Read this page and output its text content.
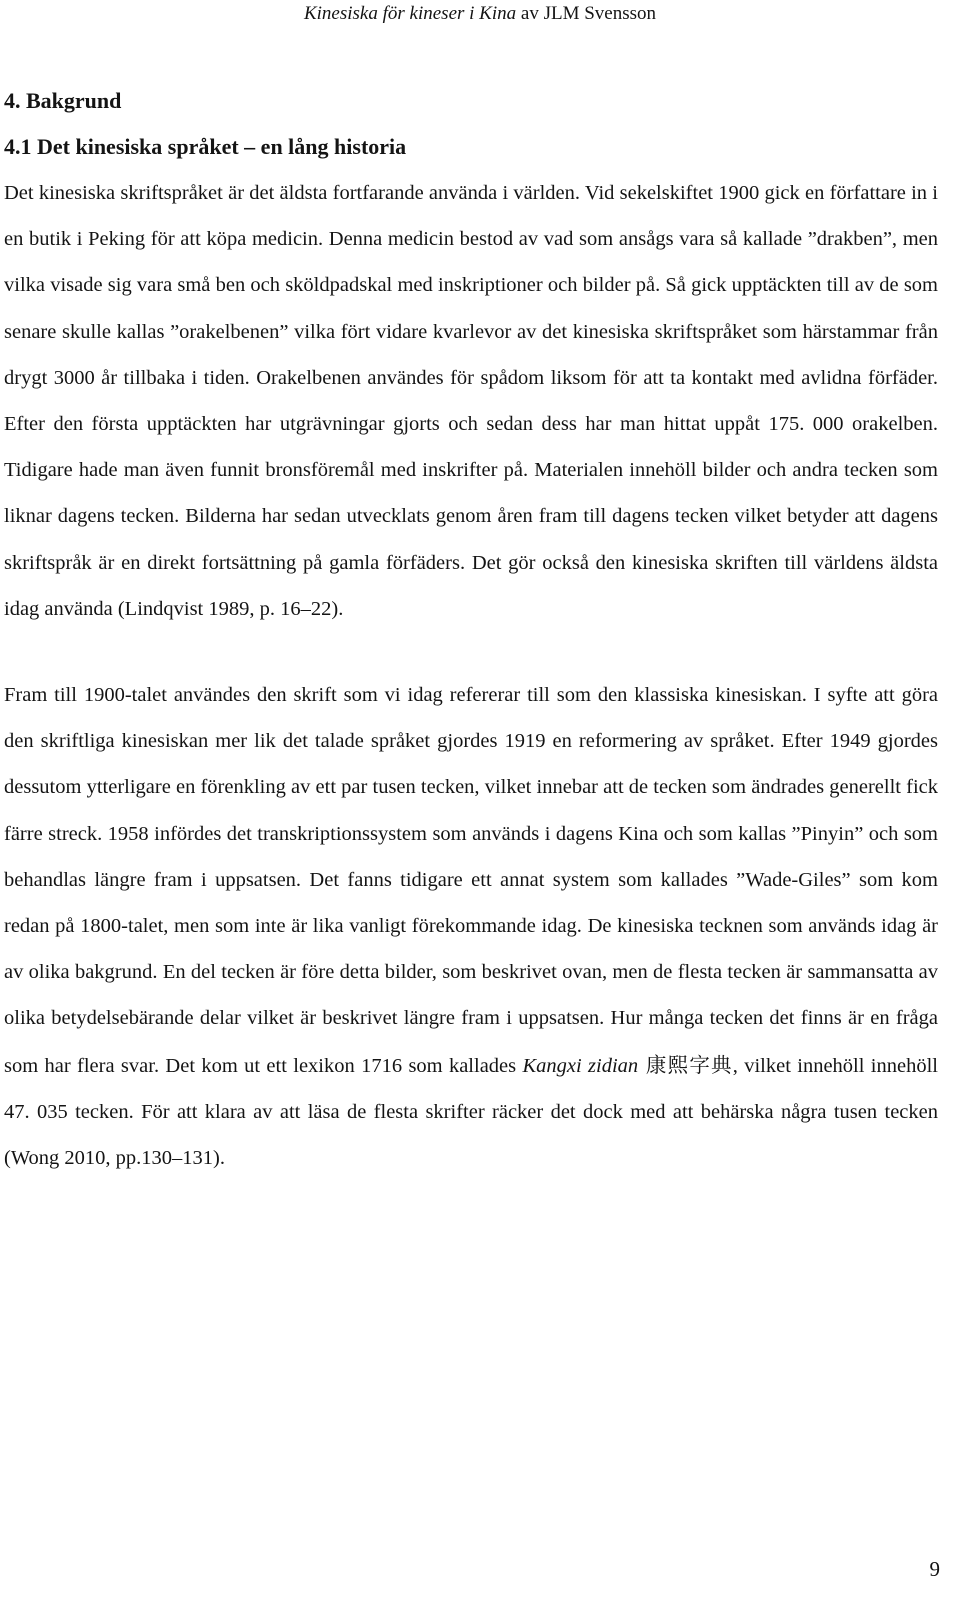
Kinesiska för kineser i Kina av JLM Svensson
4. Bakgrund
4.1 Det kinesiska språket – en lång historia

Det kinesiska skriftspråket är det äldsta fortfarande använda i världen. Vid sekelskiftet 1900 gick en författare in i en butik i Peking för att köpa medicin. Denna medicin bestod av vad som ansågs vara så kallade ”drakben”, men vilka visade sig vara små ben och sköldpadskal med inskriptioner och bilder på. Så gick upptäckten till av de som senare skulle kallas ”orakelbenen” vilka fört vidare kvarlevor av det kinesiska skriftspråket som härstammar från drygt 3000 år tillbaka i tiden. Orakelbenen användes för spådom liksom för att ta kontakt med avlidna förfäder. Efter den första upptäckten har utgrävningar gjorts och sedan dess har man hittat uppåt 175. 000 orakelben. Tidigare hade man även funnit bronsföremål med inskrifter på. Materialen innehöll bilder och andra tecken som liknar dagens tecken. Bilderna har sedan utvecklats genom åren fram till dagens tecken vilket betyder att dagens skriftspråk är en direkt fortsättning på gamla förfäders. Det gör också den kinesiska skriften till världens äldsta idag använda (Lindqvist 1989, p. 16–22).

Fram till 1900-talet användes den skrift som vi idag refererar till som den klassiska kinesiskan. I syfte att göra den skriftliga kinesiskan mer lik det talade språket gjordes 1919 en reformering av språket. Efter 1949 gjordes dessutom ytterligare en förenkling av ett par tusen tecken, vilket innebar att de tecken som ändrades generellt fick färre streck. 1958 infördes det transkriptionssystem som används i dagens Kina och som kallas ”Pinyin” och som behandlas längre fram i uppsatsen. Det fanns tidigare ett annat system som kallades ”Wade-Giles” som kom redan på 1800-talet, men som inte är lika vanligt förekommande idag. De kinesiska tecknen som används idag är av olika bakgrund. En del tecken är före detta bilder, som beskrivet ovan, men de flesta tecken är sammansatta av olika betydelsebärande delar vilket är beskrivet längre fram i uppsatsen. Hur många tecken det finns är en fråga som har flera svar. Det kom ut ett lexikon 1716 som kallades Kangxi zidian 康熙字典, vilket innehöll innehöll 47. 035 tecken. För att klara av att läsa de flesta skrifter räcker det dock med att behärska några tusen tecken (Wong 2010, pp.130–131).

9
